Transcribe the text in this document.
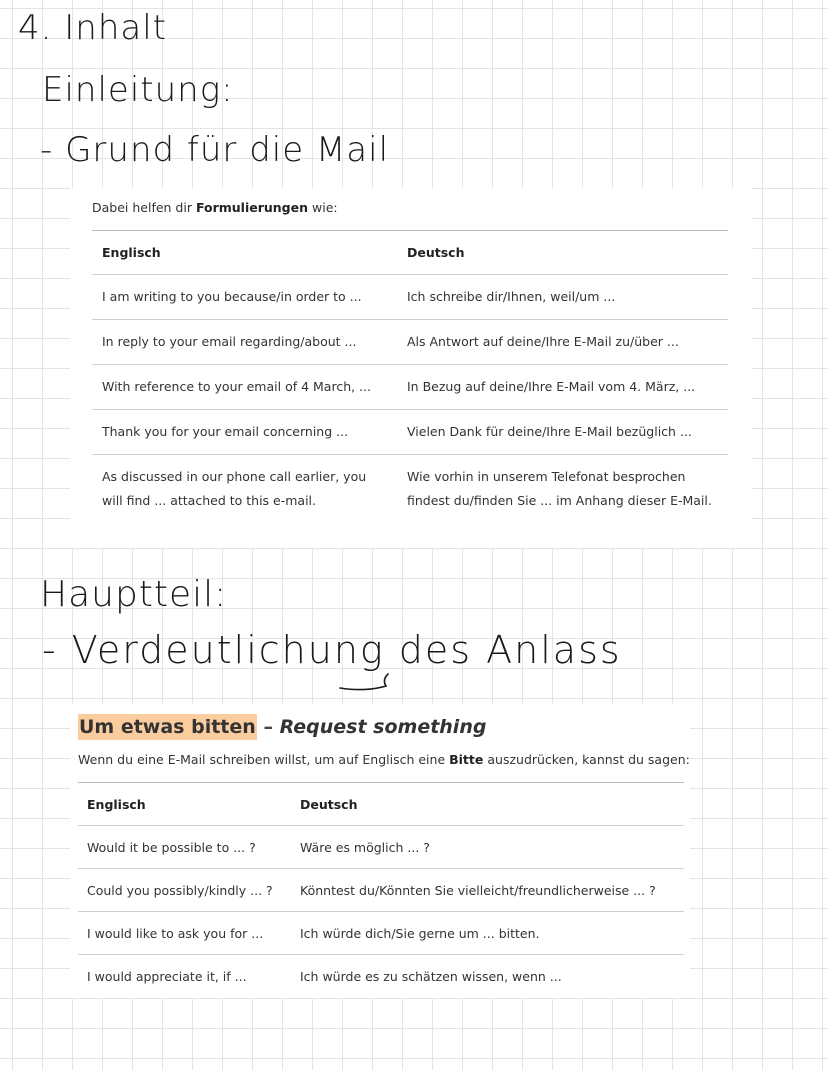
4. Inhalt
Einleitung:
- Grund für die Mail
Dabei helfen dir Formulierungen wie:
Englisch	Deutsch
I am writing to you because/in order to ...	Ich schreibe dir/Ihnen, weil/um ...
In reply to your email regarding/about ...	Als Antwort auf deine/Ihre E-Mail zu/über ...
With reference to your email of 4 March, ...	In Bezug auf deine/Ihre E-Mail vom 4. März, ...
Thank you for your email concerning ...	Vielen Dank für deine/Ihre E-Mail bezüglich ...
As discussed in our phone call earlier, you will find ... attached to this e-mail.	Wie vorhin in unserem Telefonat besprochen findest du/finden Sie ... im Anhang dieser E-Mail.
Hauptteil:
- Verdeutlichung des Anlass
Um etwas bitten – Request something
Wenn du eine E-Mail schreiben willst, um auf Englisch eine Bitte auszudrücken, kannst du sagen:
Englisch	Deutsch
Would it be possible to ... ?	Wäre es möglich ... ?
Could you possibly/kindly ... ?	Könntest du/Könnten Sie vielleicht/freundlicherweise ... ?
I would like to ask you for ...	Ich würde dich/Sie gerne um ... bitten.
I would appreciate it, if ...	Ich würde es zu schätzen wissen, wenn ...
